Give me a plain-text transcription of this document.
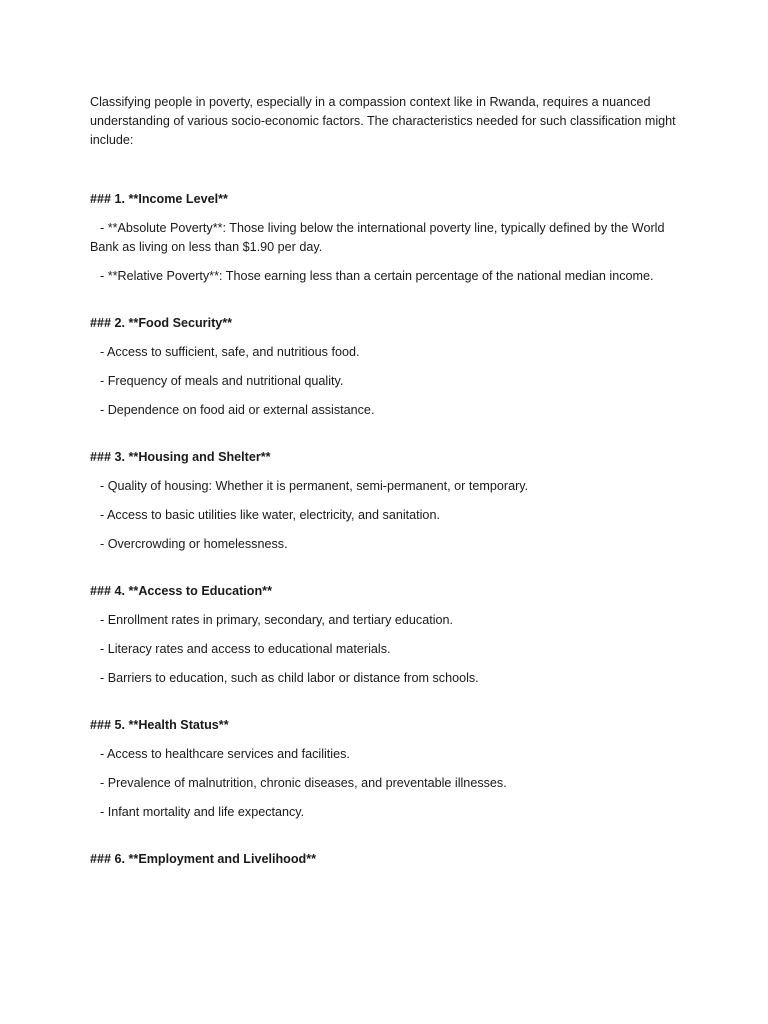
Classifying people in poverty, especially in a compassion context like in Rwanda, requires a nuanced understanding of various socio-economic factors. The characteristics needed for such classification might include:

### 1. **Income Level**

- **Absolute Poverty**: Those living below the international poverty line, typically defined by the World Bank as living on less than $1.90 per day.

- **Relative Poverty**: Those earning less than a certain percentage of the national median income.

### 2. **Food Security**

- Access to sufficient, safe, and nutritious food.

- Frequency of meals and nutritional quality.

- Dependence on food aid or external assistance.

### 3. **Housing and Shelter**

- Quality of housing: Whether it is permanent, semi-permanent, or temporary.

- Access to basic utilities like water, electricity, and sanitation.

- Overcrowding or homelessness.

### 4. **Access to Education**

- Enrollment rates in primary, secondary, and tertiary education.

- Literacy rates and access to educational materials.

- Barriers to education, such as child labor or distance from schools.

### 5. **Health Status**

- Access to healthcare services and facilities.

- Prevalence of malnutrition, chronic diseases, and preventable illnesses.

- Infant mortality and life expectancy.

### 6. **Employment and Livelihood**
